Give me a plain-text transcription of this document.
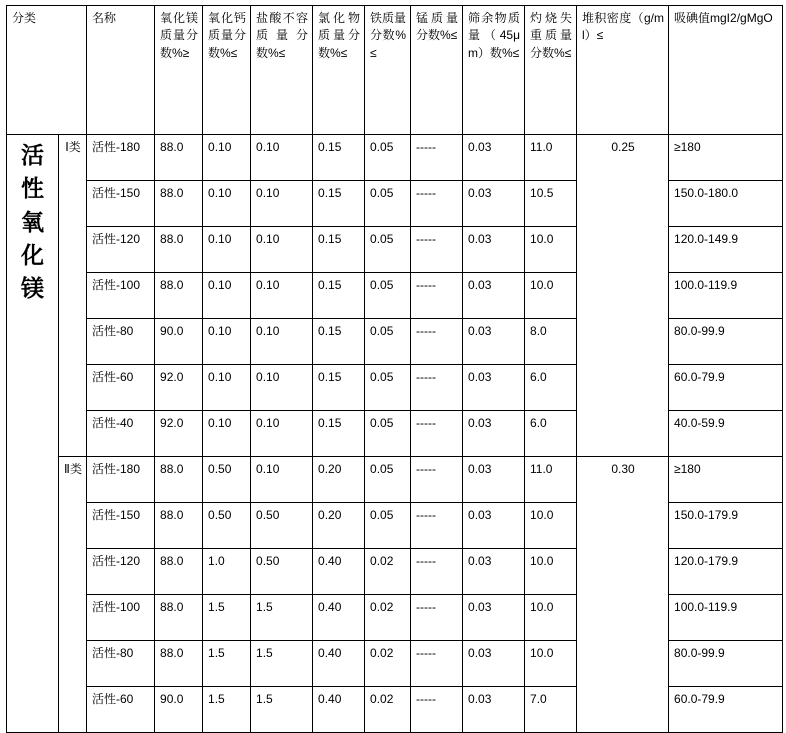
分类		名称	氧化镁质量分数%≥	氧化钙质量分数%≤	盐酸不容质量分数%≤	氯化物质量分数%≤	铁质量分数%≤	锰质量分数%≤	筛余物质量（45μm）数%≤	灼烧失重质量分数%≤	堆积密度（g/ml）≤	吸碘值mgI2/gMgO

活性氧化镁	Ⅰ类	活性-180	88.0	0.10	0.10	0.15	0.05	-----	0.03	11.0	0.25	≥180
		活性-150	88.0	0.10	0.10	0.15	0.05	-----	0.03	10.5		150.0-180.0
		活性-120	88.0	0.10	0.10	0.15	0.05	-----	0.03	10.0		120.0-149.9
		活性-100	88.0	0.10	0.10	0.15	0.05	-----	0.03	10.0		100.0-119.9
		活性-80	90.0	0.10	0.10	0.15	0.05	-----	0.03	8.0		80.0-99.9
		活性-60	92.0	0.10	0.10	0.15	0.05	-----	0.03	6.0		60.0-79.9
		活性-40	92.0	0.10	0.10	0.15	0.05	-----	0.03	6.0		40.0-59.9

	Ⅱ类	活性-180	88.0	0.50	0.10	0.20	0.05	-----	0.03	11.0	0.30	≥180
		活性-150	88.0	0.50	0.50	0.20	0.05	-----	0.03	10.0		150.0-179.9
		活性-120	88.0	1.0	0.50	0.40	0.02	-----	0.03	10.0		120.0-179.9
		活性-100	88.0	1.5	1.5	0.40	0.02	-----	0.03	10.0		100.0-119.9
		活性-80	88.0	1.5	1.5	0.40	0.02	-----	0.03	10.0		80.0-99.9
		活性-60	90.0	1.5	1.5	0.40	0.02	-----	0.03	7.0		60.0-79.9
